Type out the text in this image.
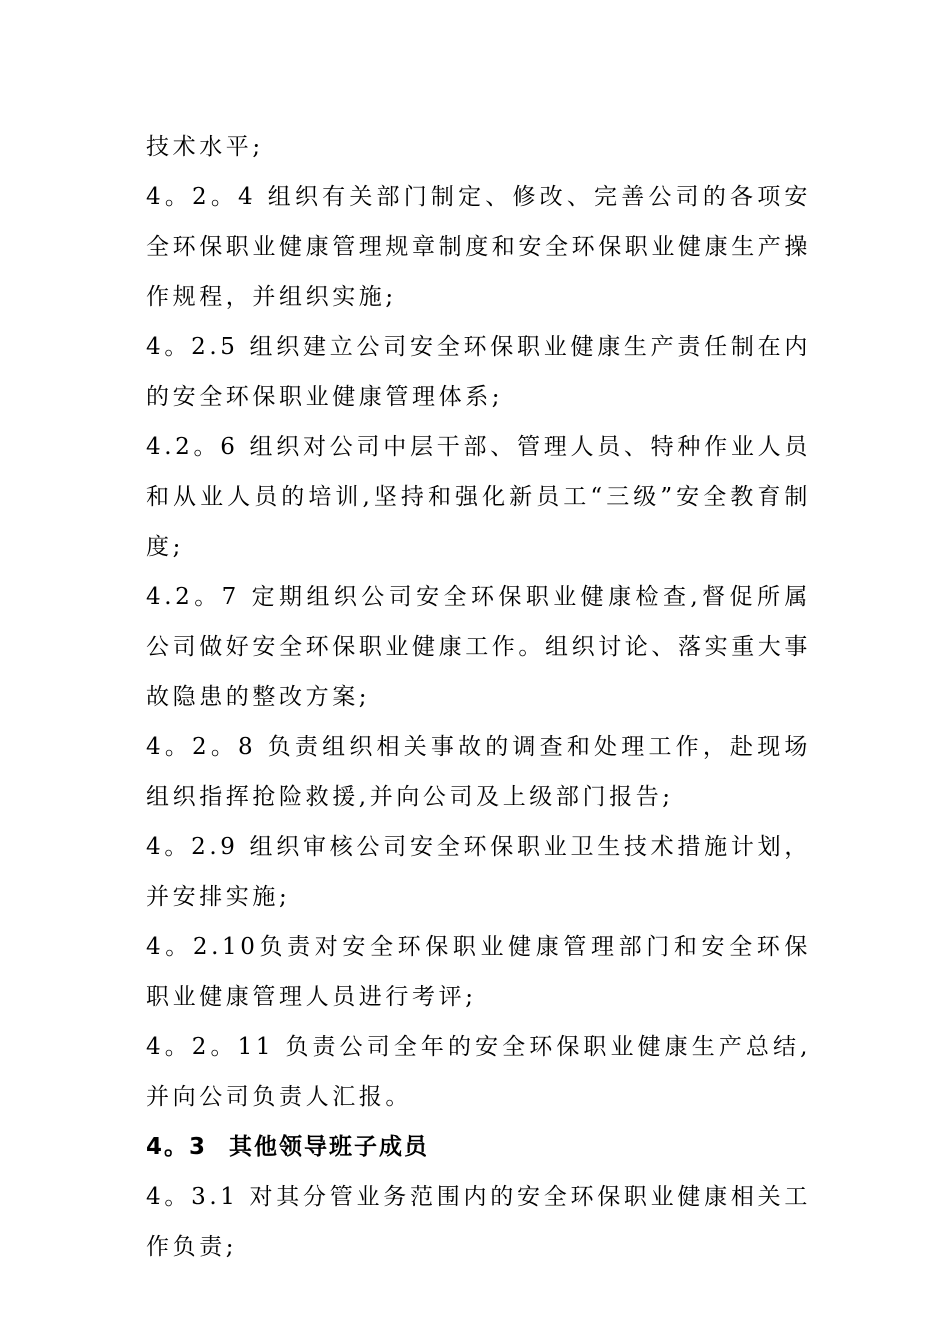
技术水平;

4。2。4 组织有关部门制定、修改、完善公司的各项安全环保职业健康管理规章制度和安全环保职业健康生产操作规程，并组织实施;

4。2.5 组织建立公司安全环保职业健康生产责任制在内的安全环保职业健康管理体系;

4.2。6 组织对公司中层干部、管理人员、特种作业人员和从业人员的培训,坚持和强化新员工“三级”安全教育制度;

4.2。7 定期组织公司安全环保职业健康检查,督促所属公司做好安全环保职业健康工作。组织讨论、落实重大事故隐患的整改方案;

4。2。8 负责组织相关事故的调查和处理工作，赴现场组织指挥抢险救援,并向公司及上级部门报告;

4。2.9 组织审核公司安全环保职业卫生技术措施计划，并安排实施;

4。2.10负责对安全环保职业健康管理部门和安全环保职业健康管理人员进行考评;

4。2。11 负责公司全年的安全环保职业健康生产总结,并向公司负责人汇报。

4。3 其他领导班子成员

4。3.1 对其分管业务范围内的安全环保职业健康相关工作负责;
